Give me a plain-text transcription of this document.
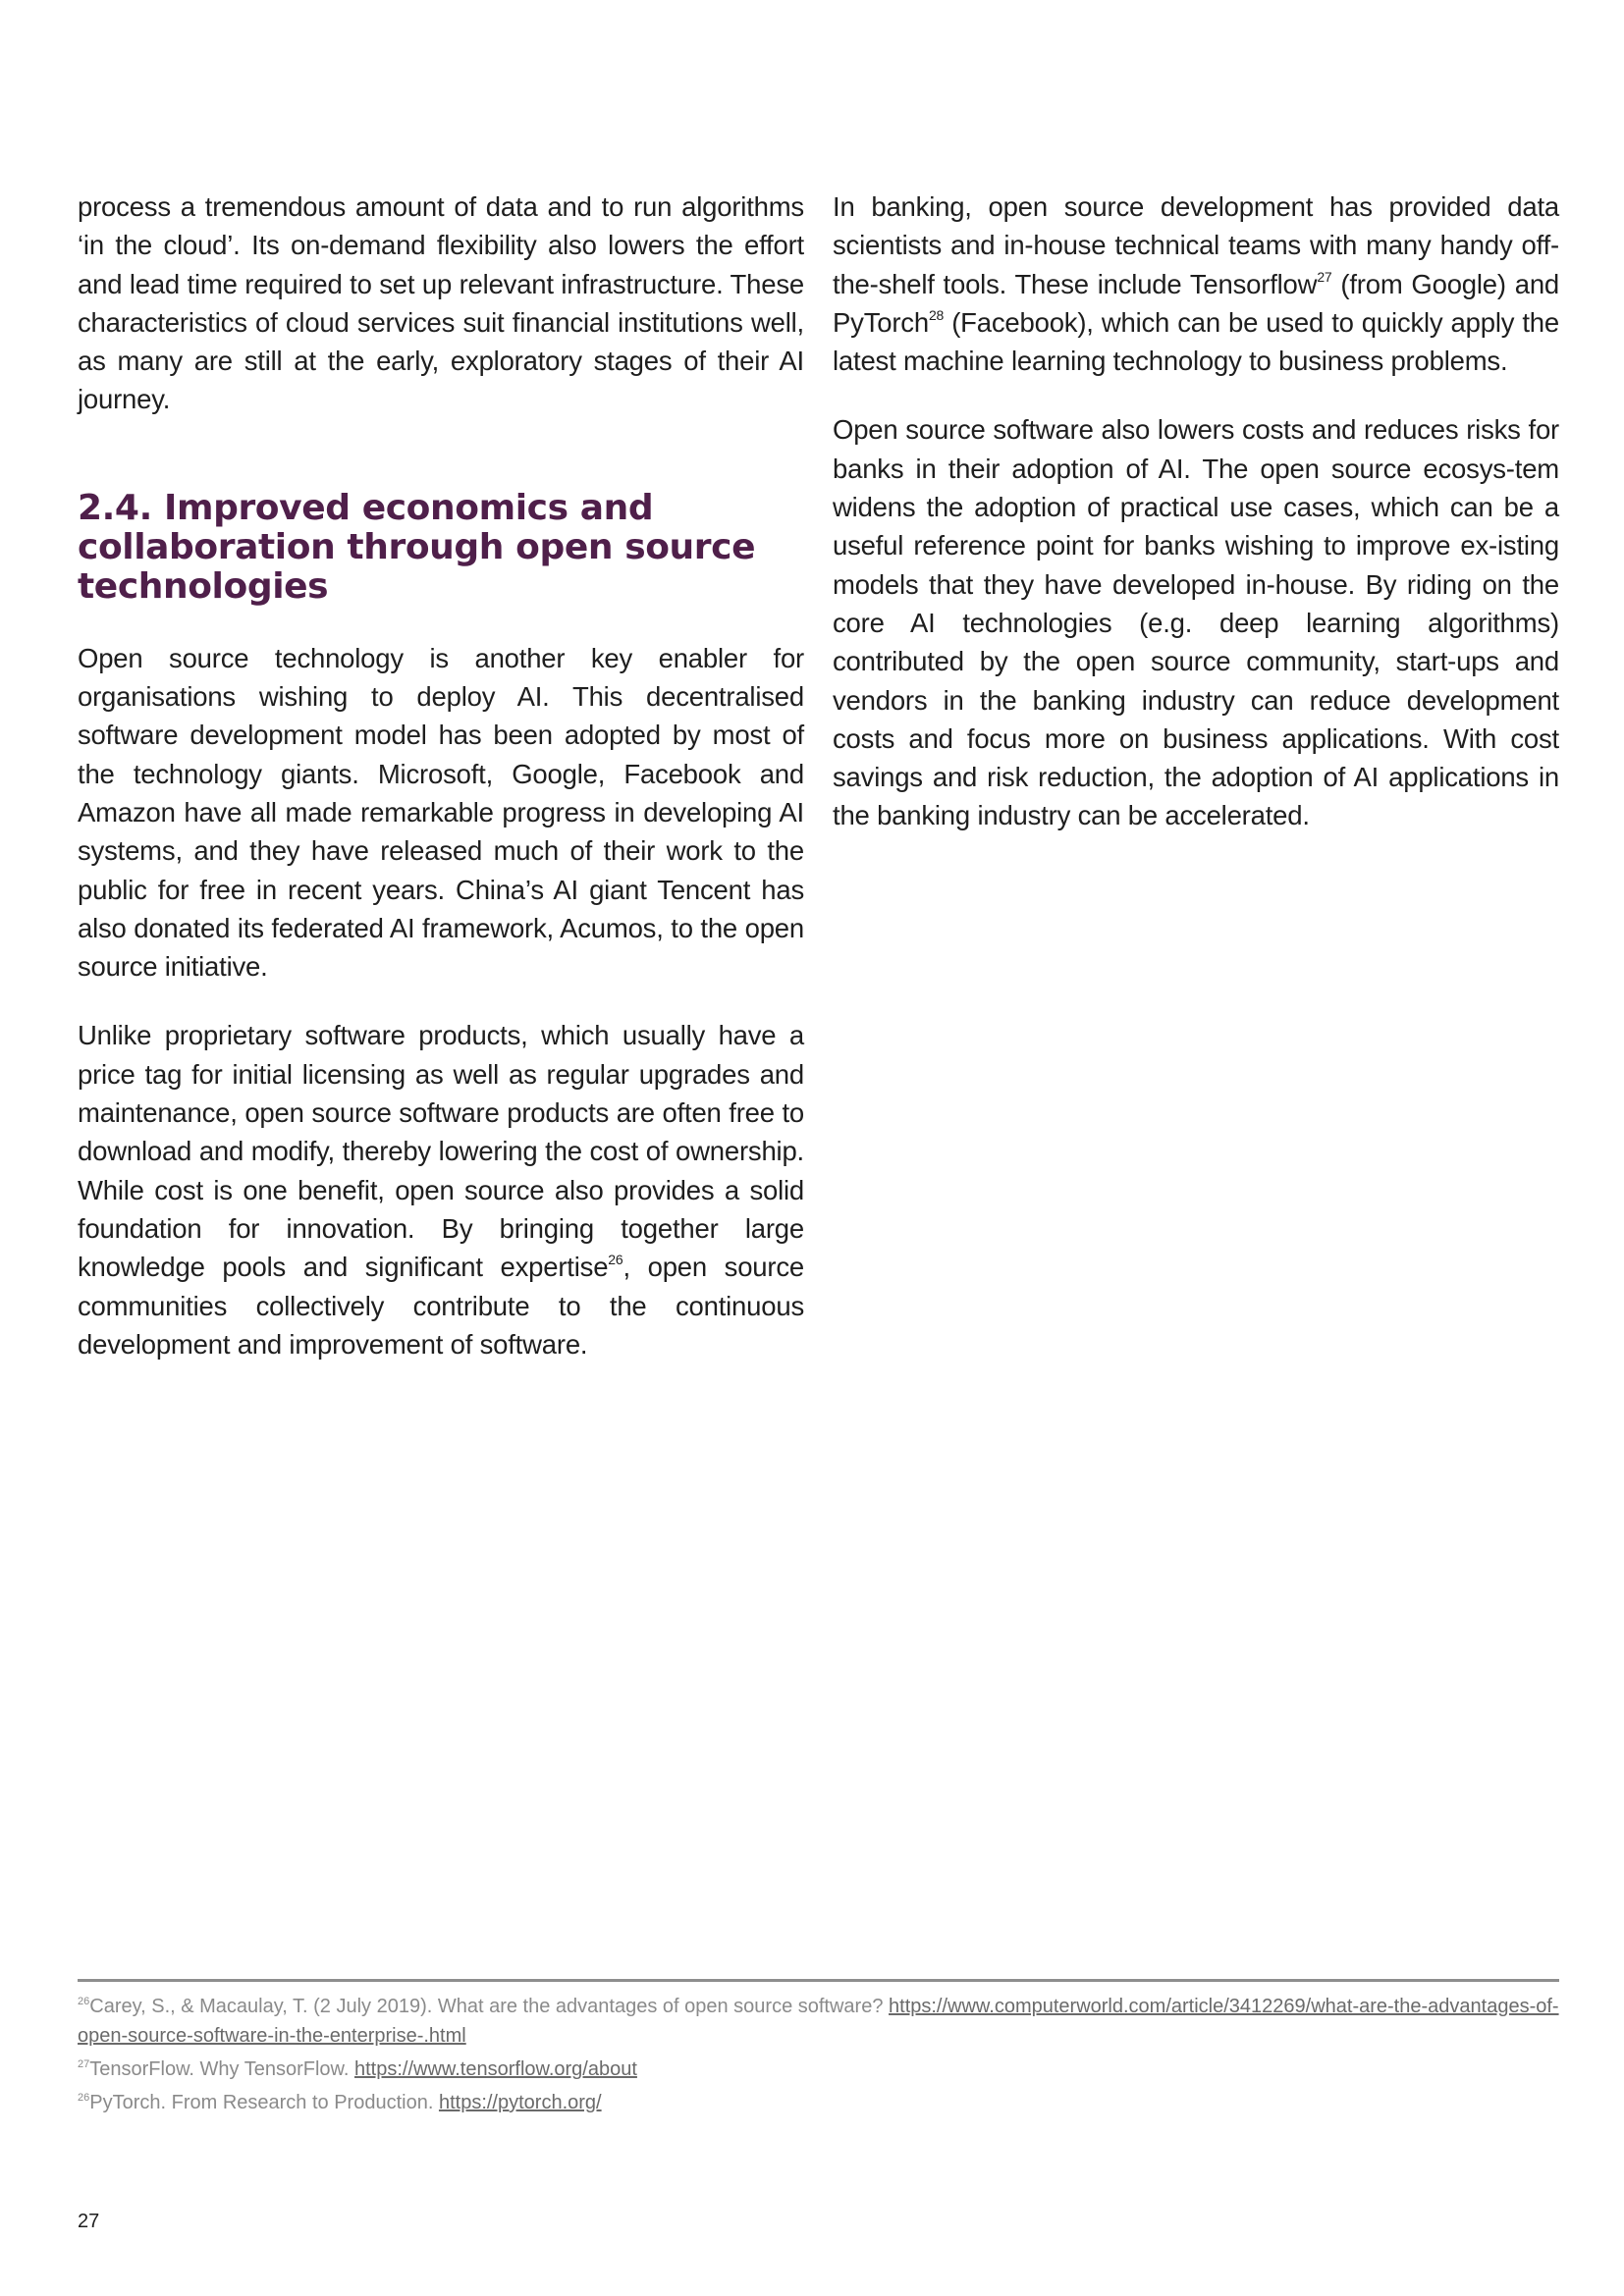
process a tremendous amount of data and to run algorithms ‘in the cloud’. Its on-demand flexibility also lowers the effort and lead time required to set up relevant infrastructure. These characteristics of cloud services suit financial institutions well, as many are still at the early, exploratory stages of their AI journey.

2.4. Improved economics and collaboration through open source technologies

Open source technology is another key enabler for organisations wishing to deploy AI. This decentralised software development model has been adopted by most of the technology giants. Microsoft, Google, Facebook and Amazon have all made remarkable progress in developing AI systems, and they have released much of their work to the public for free in recent years. China’s AI giant Tencent has also donated its federated AI framework, Acumos, to the open source initiative.

Unlike proprietary software products, which usually have a price tag for initial licensing as well as regular upgrades and maintenance, open source software products are often free to download and modify, thereby lowering the cost of ownership. While cost is one benefit, open source also provides a solid foundation for innovation. By bringing together large knowledge pools and significant expertise$^{26}$, open source communities collectively contribute to the continuous development and improvement of software.

In banking, open source development has provided data scientists and in-house technical teams with many handy off-the-shelf tools. These include Tensorflow$^{27}$ (from Google) and PyTorch$^{28}$ (Facebook), which can be used to quickly apply the latest machine learning technology to business problems.

Open source software also lowers costs and reduces risks for banks in their adoption of AI. The open source ecosys-tem widens the adoption of practical use cases, which can be a useful reference point for banks wishing to improve ex-isting models that they have developed in-house. By riding on the core AI technologies (e.g. deep learning algorithms) contributed by the open source community, start-ups and vendors in the banking industry can reduce development costs and focus more on business applications. With cost savings and risk reduction, the adoption of AI applications in the banking industry can be accelerated.

$^{26}$Carey, S., & Macaulay, T. (2 July 2019). What are the advantages of open source software? https://www.computerworld.com/article/3412269/what-are-the-advantages-of-open-source-software-in-the-enterprise-.html

$^{27}$TensorFlow. Why TensorFlow. https://www.tensorflow.org/about

$^{26}$PyTorch. From Research to Production. https://pytorch.org/

27
